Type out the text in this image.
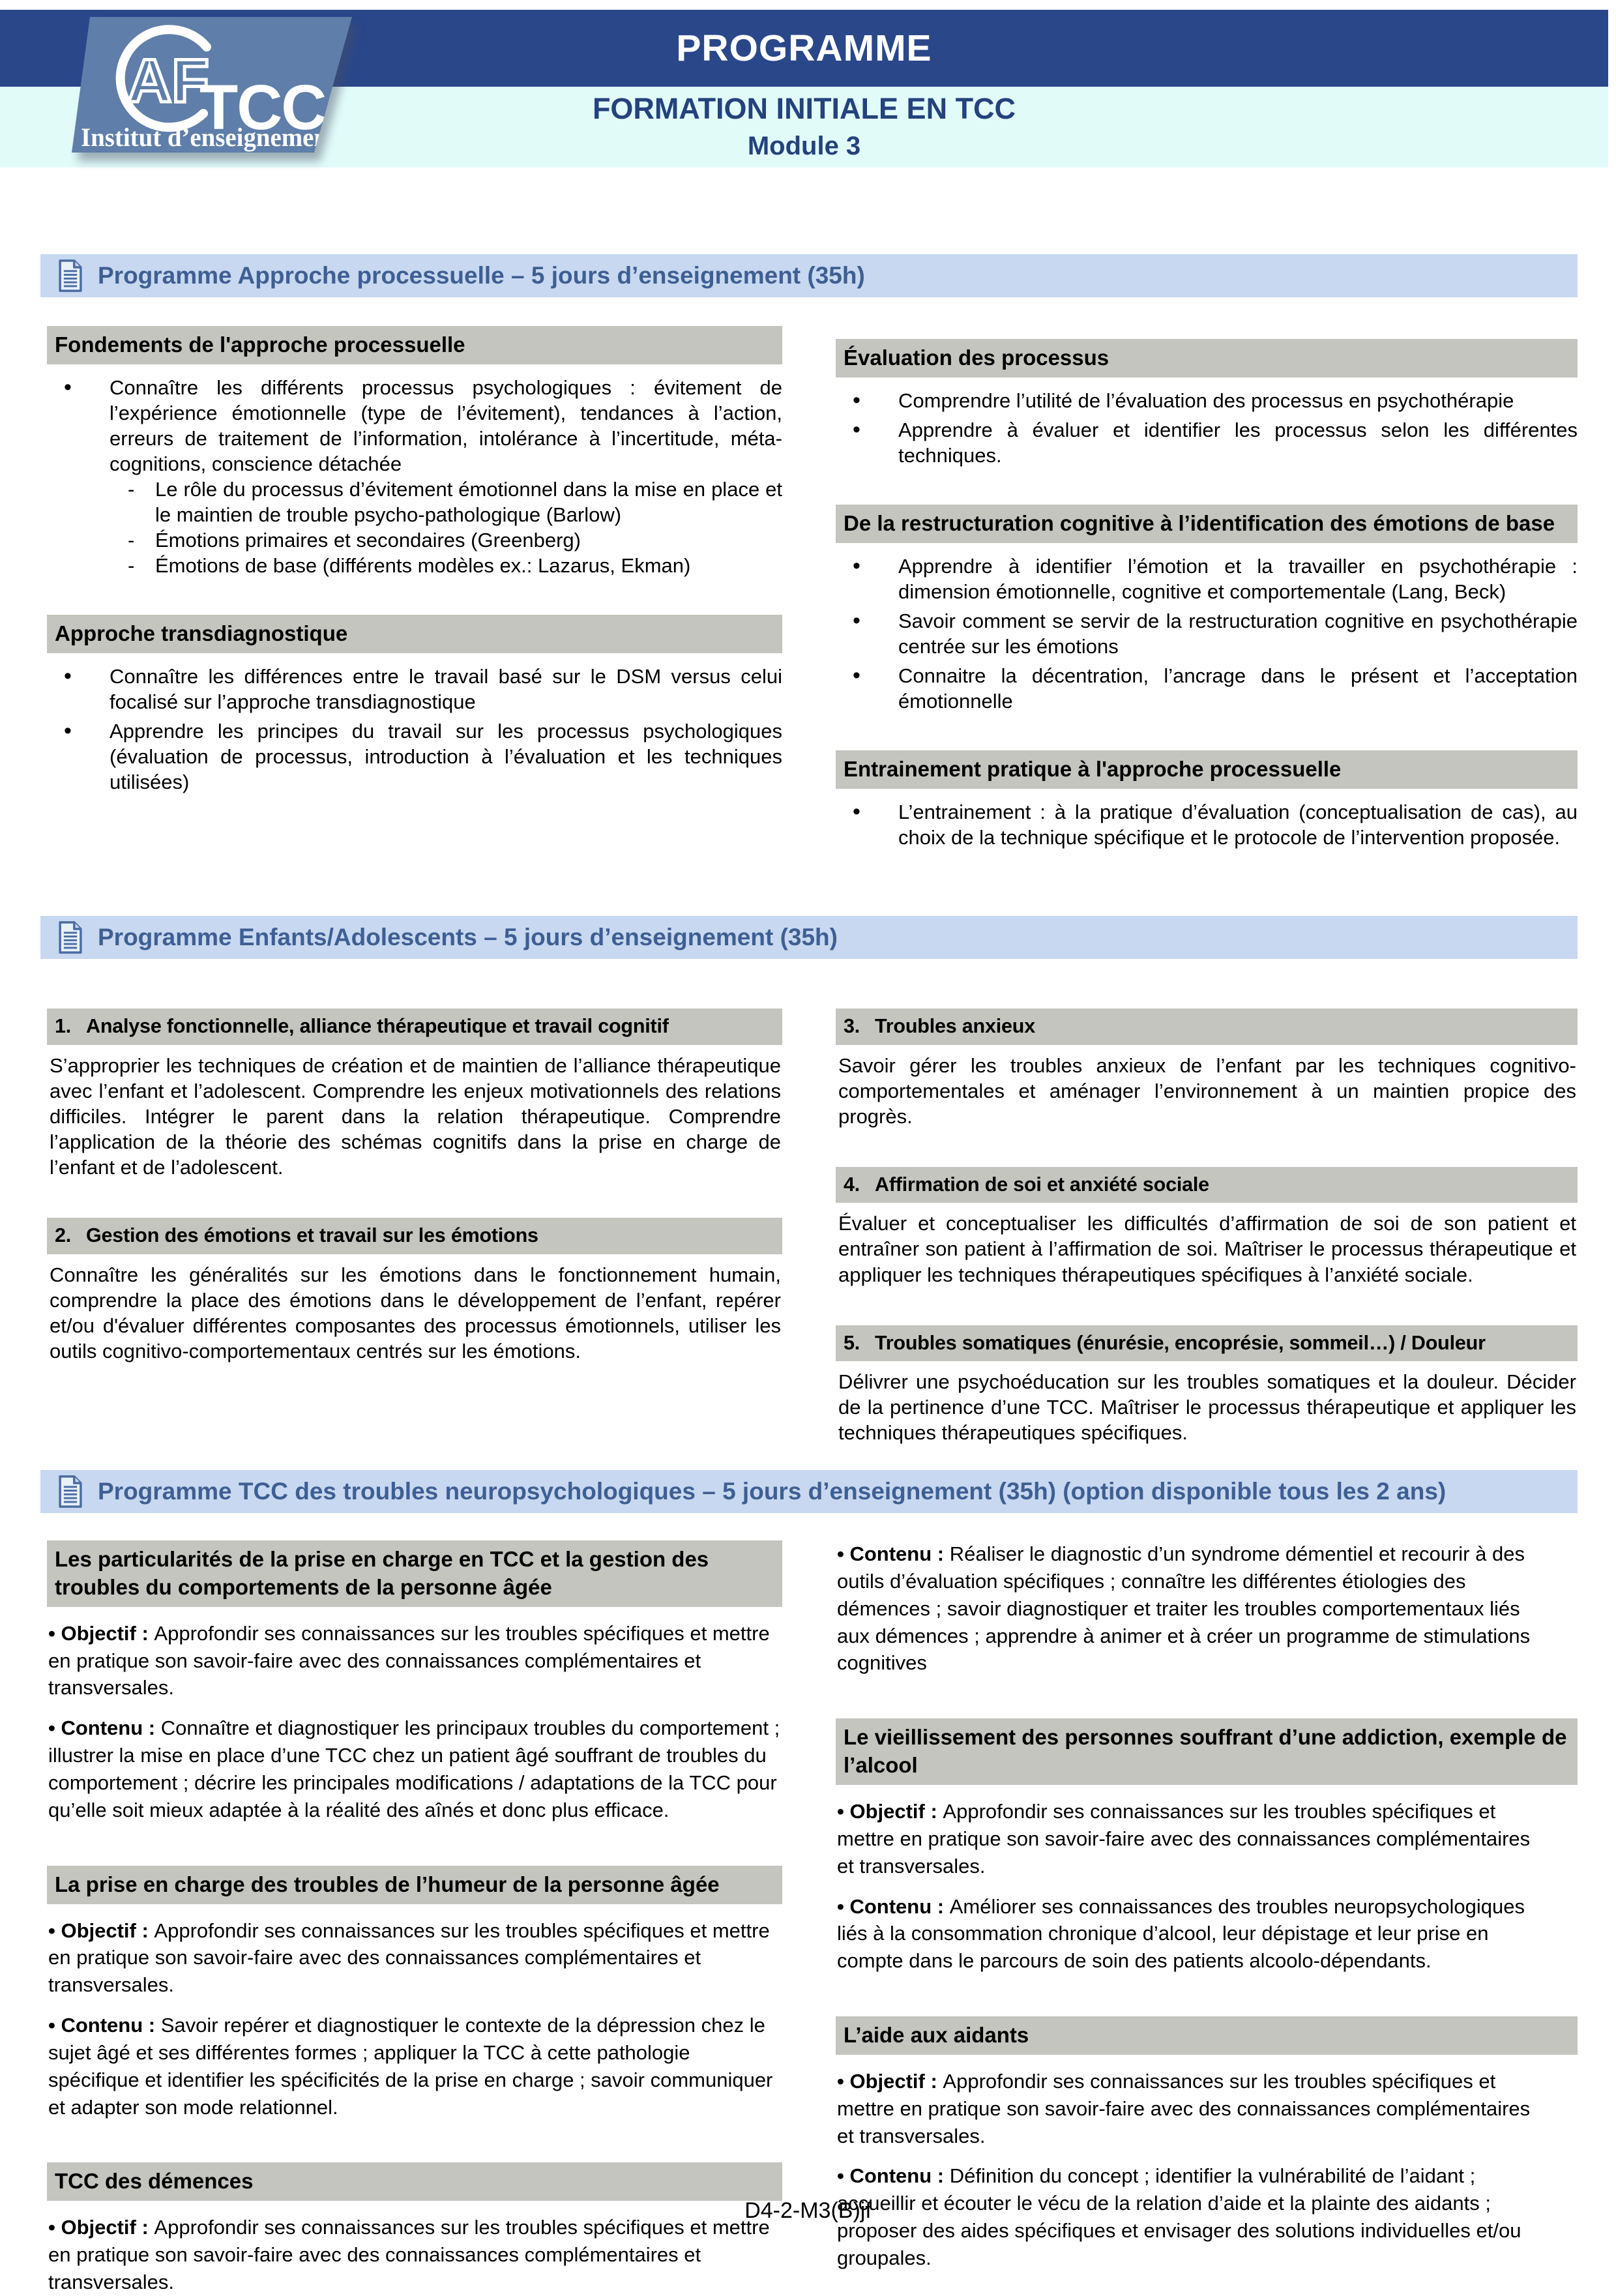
PROGRAMME
FORMATION INITIALE EN TCC
Module 3
AF
TCC
Institut d’enseignement
Programme Approche processuelle – 5 jours d’enseignement (35h)
Fondements de l'approche processuelle
• Connaître les différents processus psychologiques : évitement de l’expérience émotionnelle (type de l’évitement), tendances à l’action, erreurs de traitement de l’information, intolérance à l’incertitude, méta-cognitions, conscience détachée
- Le rôle du processus d’évitement émotionnel dans la mise en place et le maintien de trouble psycho-pathologique (Barlow)
- Émotions primaires et secondaires (Greenberg)
- Émotions de base (différents modèles ex.: Lazarus, Ekman)
Approche transdiagnostique
• Connaître les différences entre le travail basé sur le DSM versus celui focalisé sur l’approche transdiagnostique
• Apprendre les principes du travail sur les processus psychologiques (évaluation de processus, introduction à l’évaluation et les techniques utilisées)
Évaluation des processus
• Comprendre l’utilité de l’évaluation des processus en psychothérapie
• Apprendre à évaluer et identifier les processus selon les différentes techniques.
De la restructuration cognitive à l’identification des émotions de base
• Apprendre à identifier l’émotion et la travailler en psychothérapie : dimension émotionnelle, cognitive et comportementale (Lang, Beck)
• Savoir comment se servir de la restructuration cognitive en psychothérapie centrée sur les émotions
• Connaitre la décentration, l’ancrage dans le présent et l’acceptation émotionnelle
Entrainement pratique à l'approche processuelle
• L’entrainement : à la pratique d’évaluation (conceptualisation de cas), au choix de la technique spécifique et le protocole de l’intervention proposée.
Programme Enfants/Adolescents – 5 jours d’enseignement (35h)
1. Analyse fonctionnelle, alliance thérapeutique et travail cognitif

S’approprier les techniques de création et de maintien de l’alliance thérapeutique avec l’enfant et l’adolescent. Comprendre les enjeux motivationnels des relations difficiles. Intégrer le parent dans la relation thérapeutique. Comprendre l’application de la théorie des schémas cognitifs dans la prise en charge de l’enfant et de l’adolescent.

2. Gestion des émotions et travail sur les émotions

Connaître les généralités sur les émotions dans le fonctionnement humain, comprendre la place des émotions dans le développement de l’enfant, repérer et/ou d'évaluer différentes composantes des processus émotionnels, utiliser les outils cognitivo-comportementaux centrés sur les émotions.

3. Troubles anxieux

Savoir gérer les troubles anxieux de l’enfant par les techniques cognitivo-comportementales et aménager l’environnement à un maintien propice des progrès.

4. Affirmation de soi et anxiété sociale

Évaluer et conceptualiser les difficultés d’affirmation de soi de son patient et entraîner son patient à l’affirmation de soi. Maîtriser le processus thérapeutique et appliquer les techniques thérapeutiques spécifiques à l’anxiété sociale.

5. Troubles somatiques (énurésie, encoprésie, sommeil…) / Douleur

Délivrer une psychoéducation sur les troubles somatiques et la douleur. Décider de la pertinence d’une TCC. Maîtriser le processus thérapeutique et appliquer les techniques thérapeutiques spécifiques.

Programme TCC des troubles neuropsychologiques – 5 jours d’enseignement (35h) (option disponible tous les 2 ans)
Les particularités de la prise en charge en TCC et la gestion des troubles du comportements de la personne âgée

• Objectif : Approfondir ses connaissances sur les troubles spécifiques et mettre en pratique son savoir-faire avec des connaissances complémentaires et transversales.

• Contenu : Connaître et diagnostiquer les principaux troubles du comportement ; illustrer la mise en place d’une TCC chez un patient âgé souffrant de troubles du comportement ; décrire les principales modifications / adaptations de la TCC pour qu’elle soit mieux adaptée à la réalité des aînés et donc plus efficace.

La prise en charge des troubles de l’humeur de la personne âgée

• Objectif : Approfondir ses connaissances sur les troubles spécifiques et mettre en pratique son savoir-faire avec des connaissances complémentaires et transversales.

• Contenu : Savoir repérer et diagnostiquer le contexte de la dépression chez le sujet âgé et ses différentes formes ; appliquer la TCC à cette pathologie spécifique et identifier les spécificités de la prise en charge ; savoir communiquer et adapter son mode relationnel.

TCC des démences

• Objectif : Approfondir ses connaissances sur les troubles spécifiques et mettre en pratique son savoir-faire avec des connaissances complémentaires et transversales.

• Contenu : Réaliser le diagnostic d’un syndrome démentiel et recourir à des outils d’évaluation spécifiques ; connaître les différentes étiologies des démences ; savoir diagnostiquer et traiter les troubles comportementaux liés aux démences ; apprendre à animer et à créer un programme de stimulations cognitives

Le vieillissement des personnes souffrant d’une addiction, exemple de l’alcool

• Objectif : Approfondir ses connaissances sur les troubles spécifiques et mettre en pratique son savoir-faire avec des connaissances complémentaires et transversales.

• Contenu : Améliorer ses connaissances des troubles neuropsychologiques liés à la consommation chronique d’alcool, leur dépistage et leur prise en compte dans le parcours de soin des patients alcoolo-dépendants.

L’aide aux aidants

• Objectif : Approfondir ses connaissances sur les troubles spécifiques et mettre en pratique son savoir-faire avec des connaissances complémentaires et transversales.

• Contenu : Définition du concept ; identifier la vulnérabilité de l’aidant ; accueillir et écouter le vécu de la relation d’aide et la plainte des aidants ; proposer des aides spécifiques et envisager des solutions individuelles et/ou groupales.

D4-2-M3(B)jf
